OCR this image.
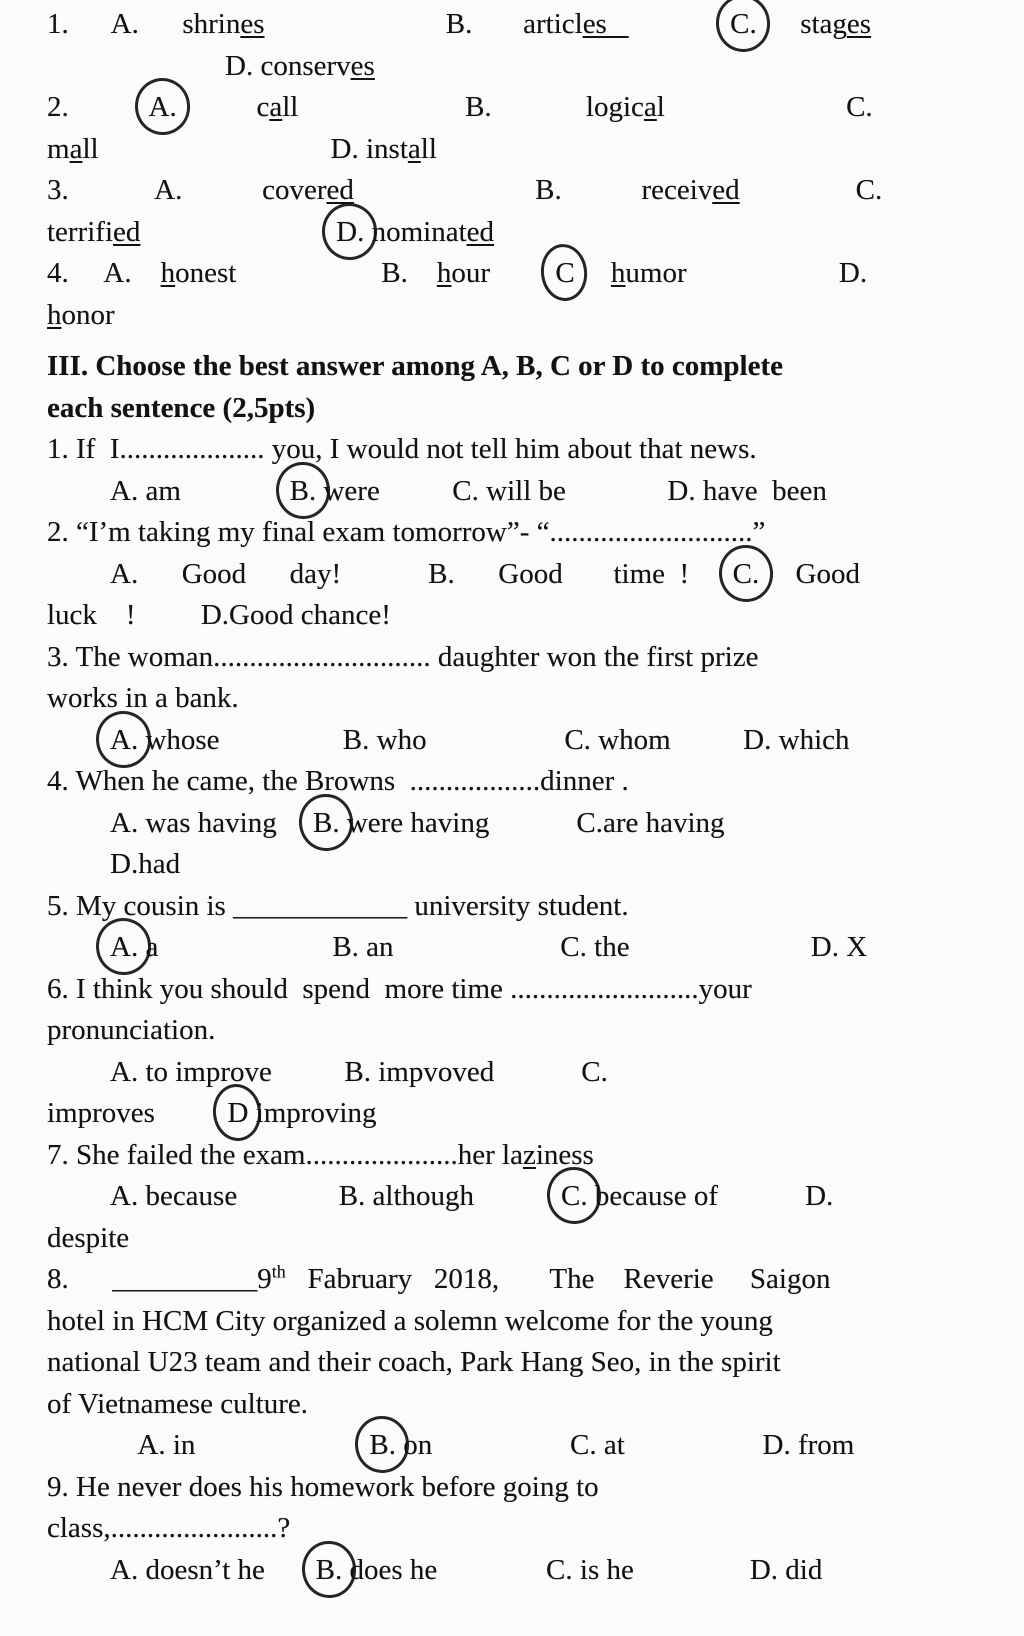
1.      A.      shrines                         B.       articles	C.      stages
D. conserves
2.           A.           call                       B.             logical                         C.
mall                                D. install
3.            A.           covered                         B.           received                C.
terrified	D. nominated
4.     A.    honest                    B.    hour         C humor                     D.
honor
III. Choose the best answer among A, B, C or D to complete
each sentence (2,5pts)
1. If  I.................... you, I would not tell him about that news.
A. am               B. were          C. will be              D. have  been
2. “I’m taking my final exam tomorrow”- “............................”
A.      Good      day!            B.      Good       time  !      C.     Good
luck    !         D.Good chance!
3. The woman.............................. daughter won the first prize
works in a bank.
A. whose                 B. who                   C. whom          D. which
4. When he came, the Browns  ..................dinner .
A. was having     B. were having            C.are having
D.had
5. My cousin is ____________ university student.
A. a                        B. an                       C. the                         D. X
6. I think you should  spend  more time ..........................your
pronunciation.
A. to improve          B. impvoved            C.
improves          D improving
7. She failed the exam.....................her laziness
A. because              B. although            C. because of            D.
despite
8.      __________9th   Fabruary   2018,       The    Reverie     Saigon
hotel in HCM City organized a solemn welcome for the young
national U23 team and their coach, Park Hang Seo, in the spirit
of Vietnamese culture.
A. in                        B. on                   C. at                   D. from
9. He never does his homework before going to
class,.......................?
A. doesn’t he       B. does he               C. is he                D. did
